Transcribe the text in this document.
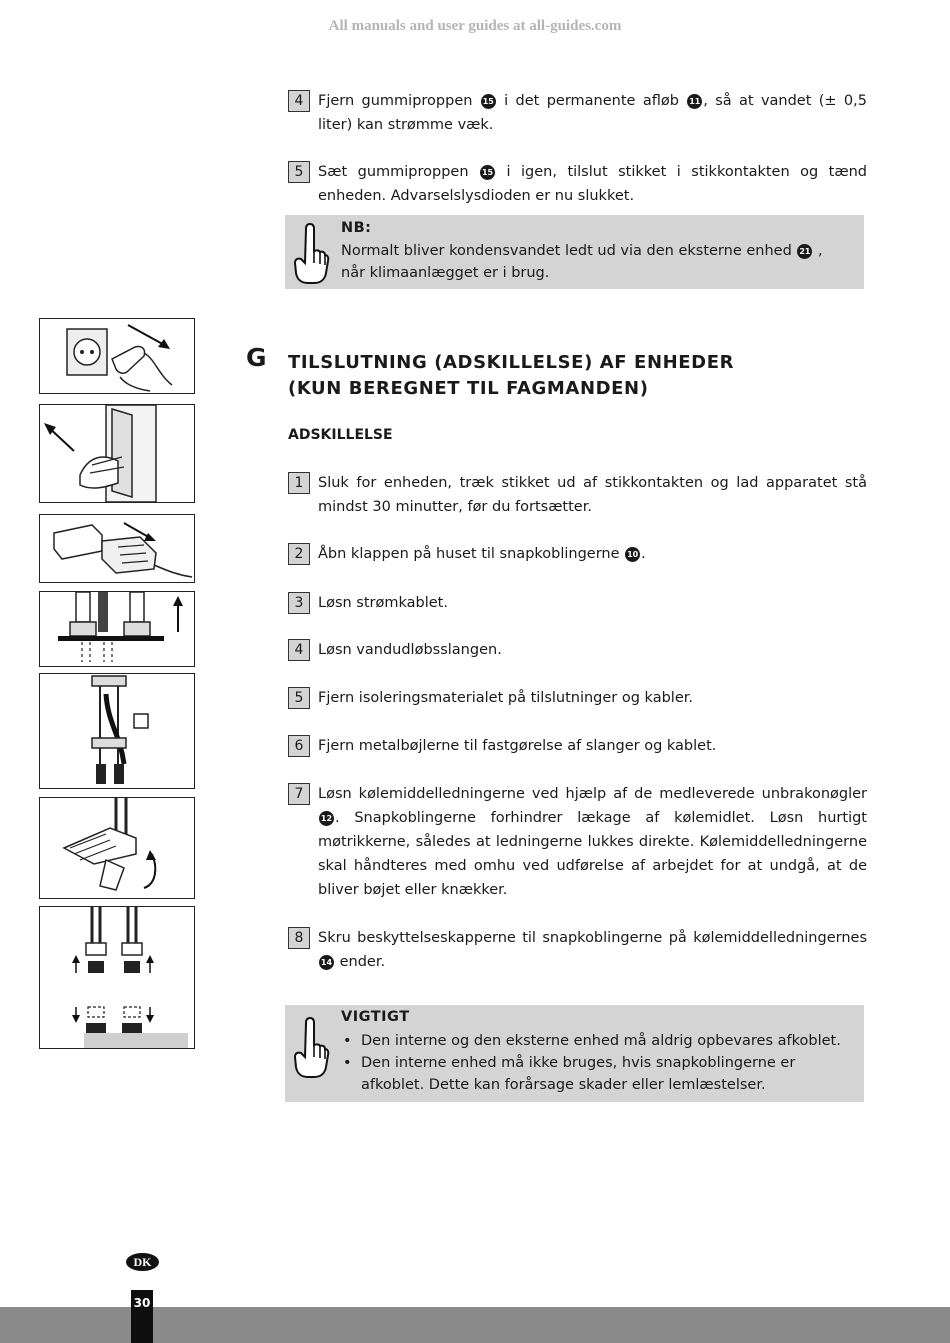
All manuals and user guides at all-guides.com
4	Fjern gummiproppen 15 i det permanente afløb 11 , så at vandet (± 0,5 liter) kan strømme væk.
5	Sæt gummiproppen 15 i igen, tilslut stikket i stikkontakten og tænd enheden. Advarselslysdioden er nu slukket.
NB:
Normalt bliver kondensvandet ledt ud via den eksterne enhed 21 , når klimaanlægget er i brug.
G TILSLUTNING (ADSKILLELSE) AF ENHEDER
(KUN BEREGNET TIL FAGMANDEN)
ADSKILLELSE
1	Sluk for enheden, træk stikket ud af stikkontakten og lad apparatet stå mindst 30 minutter, før du fortsætter.
2	Åbn klappen på huset til snapkoblingerne 10 .
3	Løsn strømkablet.
4	Løsn vandudløbsslangen.
5	Fjern isoleringsmaterialet på tilslutninger og kabler.
6	Fjern metalbøjlerne til fastgørelse af slanger og kablet.
7	Løsn kølemiddelledningerne ved hjælp af de medleverede unbrakonøgler 12 . Snapkoblingerne forhindrer lækage af kølemidlet. Løsn hurtigt møtrikkerne, således at ledningerne lukkes direkte. Kølemiddelledningerne skal håndteres med omhu ved udførelse af arbejdet for at undgå, at de bliver bøjet eller knækker.
8	Skru beskyttelseskapperne til snapkoblingerne på kølemiddelledningernes 14 ender.
VIGTIGT
• Den interne og den eksterne enhed må aldrig opbevares afkoblet.
• Den interne enhed må ikke bruges, hvis snapkoblingerne er afkoblet. Dette kan forårsage skader eller lemlæstelser.
DK
30
